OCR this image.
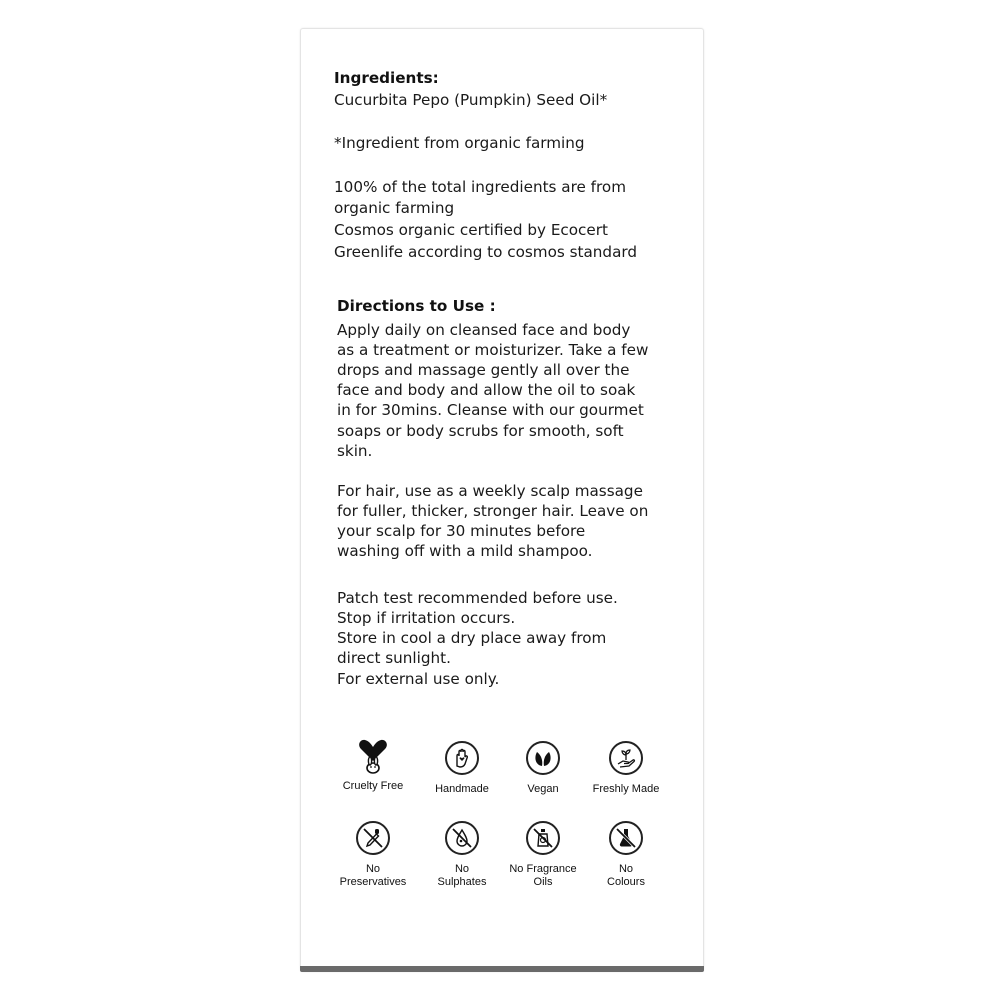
Ingredients:
Cucurbita Pepo (Pumpkin) Seed Oil*
*Ingredient from organic farming
100% of the total ingredients are from
organic farming
Cosmos organic certified by Ecocert
Greenlife according to cosmos standard
Directions to Use :
Apply daily on cleansed face and body
as a treatment or moisturizer. Take a few
drops and massage gently all over the
face and body and allow the oil to soak
in for 30mins. Cleanse with our gourmet
soaps or body scrubs for smooth, soft
skin.
For hair, use as a weekly scalp massage
for fuller, thicker, stronger hair. Leave on
your scalp for 30 minutes before
washing off with a mild shampoo.
Patch test recommended before use.
Stop if irritation occurs.
Store in cool a dry place away from
direct sunlight.
For external use only.
Cruelty Free	Handmade	Vegan	Freshly Made
No
Preservatives
No
Sulphates
No Fragrance
Oils
No
Colours
